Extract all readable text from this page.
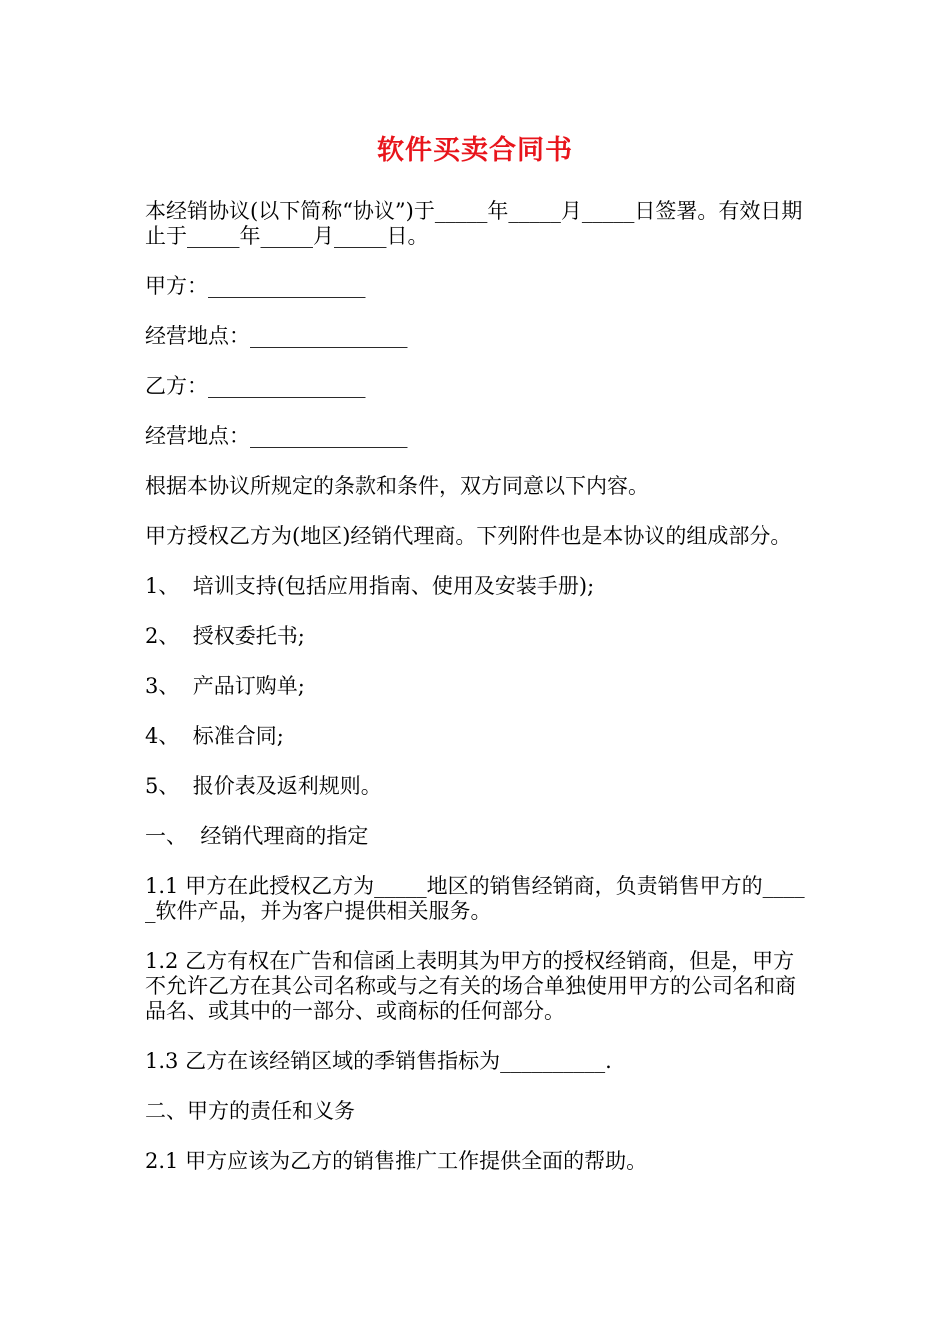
软件买卖合同书

本经销协议(以下简称“协议”)于_____年_____月_____日签署。有效日期止于_____年_____月_____日。

甲方：_______________

经营地点：_______________

乙方：_______________

经营地点：_______________

根据本协议所规定的条款和条件，双方同意以下内容。

甲方授权乙方为(地区)经销代理商。下列附件也是本协议的组成部分。

1、  培训支持(包括应用指南、使用及安装手册);

2、  授权委托书;

3、  产品订购单;

4、  标准合同;

5、  报价表及返利规则。

一、  经销代理商的指定

1.1 甲方在此授权乙方为_____地区的销售经销商，负责销售甲方的_____软件产品，并为客户提供相关服务。

1.2 乙方有权在广告和信函上表明其为甲方的授权经销商，但是，甲方不允许乙方在其公司名称或与之有关的场合单独使用甲方的公司名和商品名、或其中的一部分、或商标的任何部分。

1.3 乙方在该经销区域的季销售指标为__________.

二、甲方的责任和义务

2.1 甲方应该为乙方的销售推广工作提供全面的帮助。
